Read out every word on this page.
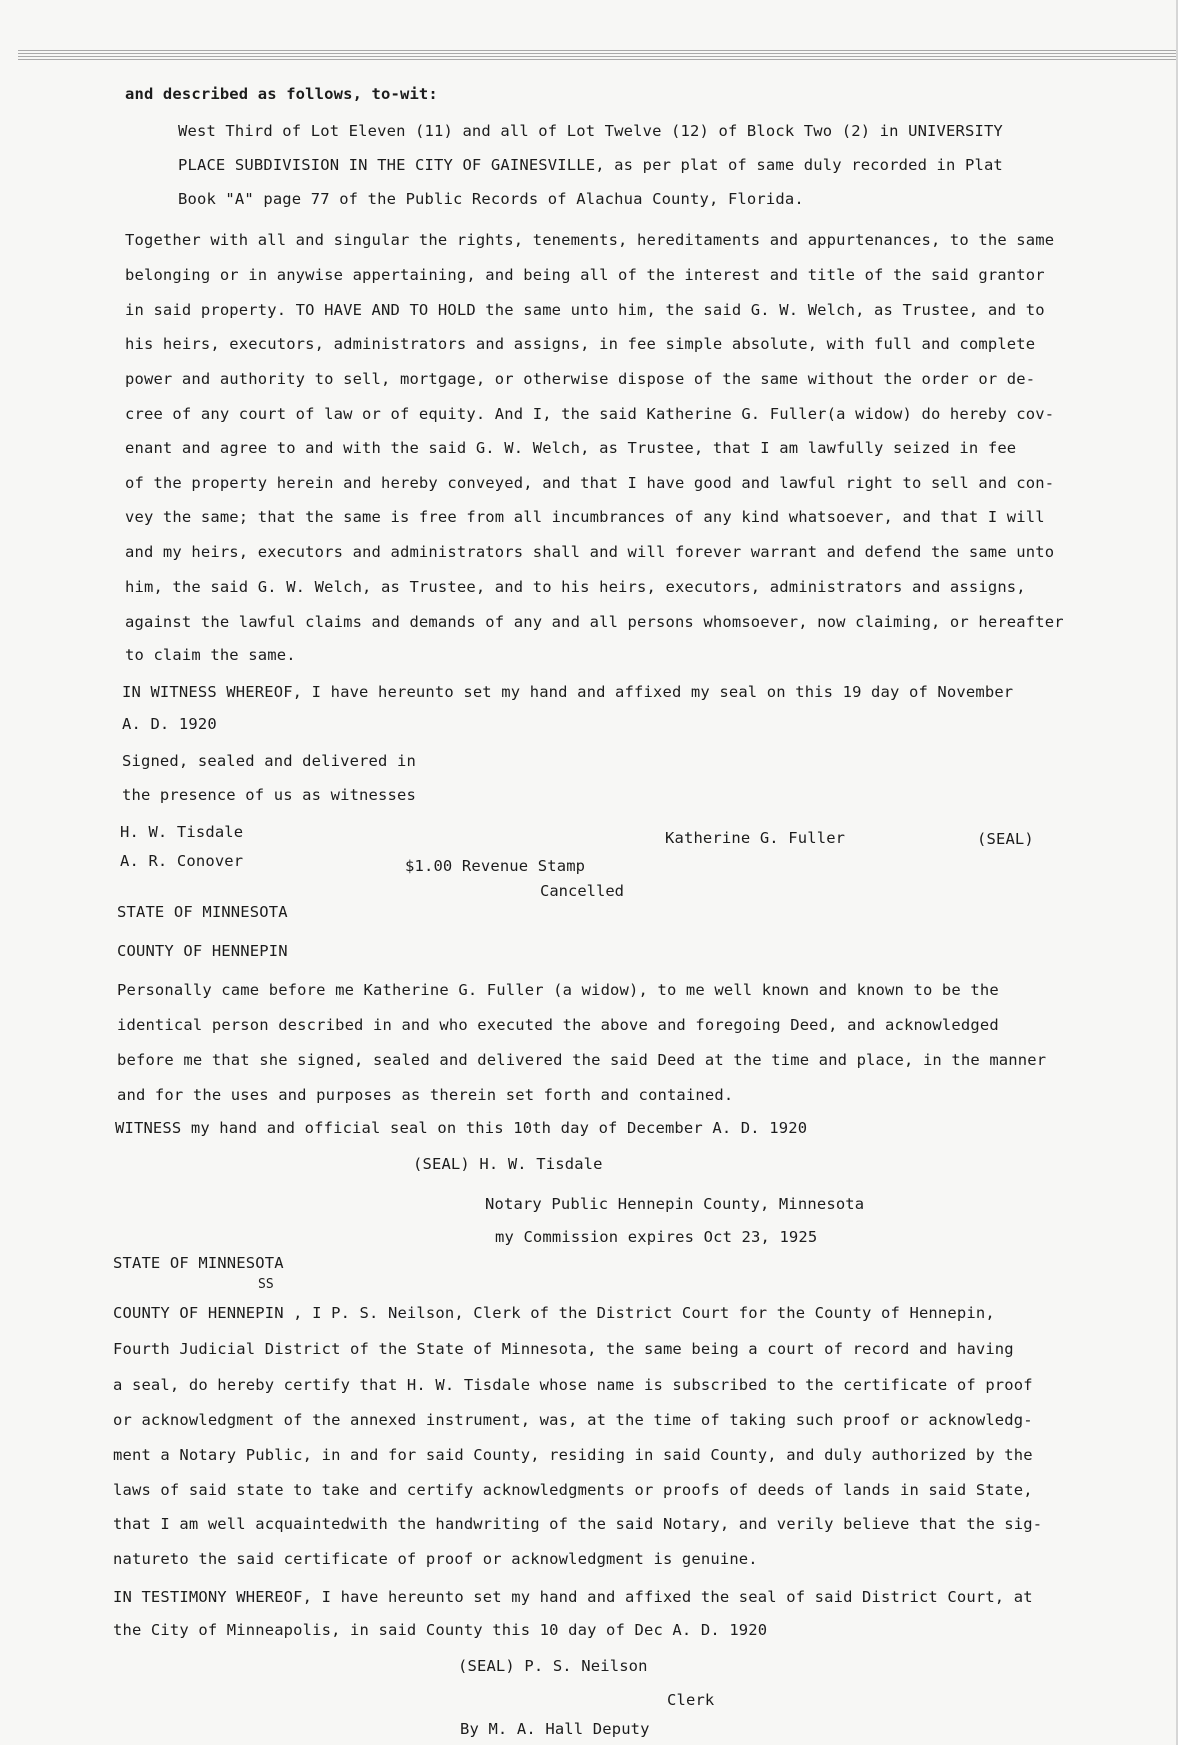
and described as follows, to-wit:

West Third of Lot Eleven (11) and all of Lot Twelve (12) of Block Two (2) in UNIVERSITY

PLACE SUBDIVISION IN THE CITY OF GAINESVILLE, as per plat of same duly recorded in Plat

Book "A" page 77 of the Public Records of Alachua County, Florida.

Together with all and singular the rights, tenements, hereditaments and appurtenances, to the same

belonging or in anywise appertaining, and being all of the interest and title of the said grantor

in said property. TO HAVE AND TO HOLD the same unto him, the said G. W. Welch, as Trustee, and to

his heirs, executors, administrators and assigns, in fee simple absolute, with full and complete

power and authority to sell, mortgage, or otherwise dispose of the same without the order or de-

cree of any court of law or of equity. And I, the said Katherine G. Fuller(a widow) do hereby cov-

enant and agree to and with the said G. W. Welch, as Trustee, that I am lawfully seized in fee

of the property herein and hereby conveyed, and that I have good and lawful right to sell and con-

vey the same; that the same is free from all incumbrances of any kind whatsoever, and that I will

and my heirs, executors and administrators shall and will forever warrant and defend the same unto

him, the said G. W. Welch, as Trustee, and to his heirs, executors, administrators and assigns,

against the lawful claims and demands of any and all persons whomsoever, now claiming, or hereafter

to claim the same.

IN WITNESS WHEREOF, I have hereunto set my hand and affixed my seal on this 19 day of November

A. D. 1920

Signed, sealed and delivered in

the presence of us as witnesses

H. W. Tisdale	Katherine G. Fuller	(SEAL)

A. R. Conover	$1.00 Revenue Stamp

Cancelled

STATE OF MINNESOTA

COUNTY OF HENNEPIN

Personally came before me Katherine G. Fuller (a widow), to me well known and known to be the

identical person described in and who executed the above and foregoing Deed, and acknowledged

before me that she signed, sealed and delivered the said Deed at the time and place, in the manner

and for the uses and purposes as therein set forth and contained.

WITNESS my hand and official seal on this 10th day of December A. D. 1920

(SEAL) H. W. Tisdale

Notary Public Hennepin County, Minnesota

my Commission expires Oct 23, 1925

STATE OF MINNESOTA

SS

COUNTY OF HENNEPIN , I P. S. Neilson, Clerk of the District Court for the County of Hennepin,

Fourth Judicial District of the State of Minnesota, the same being a court of record and having

a seal, do hereby certify that H. W. Tisdale whose name is subscribed to the certificate of proof

or acknowledgment of the annexed instrument, was, at the time of taking such proof or acknowledg-

ment a Notary Public, in and for said County, residing in said County, and duly authorized by the

laws of said state to take and certify acknowledgments or proofs of deeds of lands in said State,

that I am well acquaintedwith the handwriting of the said Notary, and verily believe that the sig-

natureto the said certificate of proof or acknowledgment is genuine.

IN TESTIMONY WHEREOF, I have hereunto set my hand and affixed the seal of said District Court, at

the City of Minneapolis, in said County this 10 day of Dec A. D. 1920

(SEAL) P. S. Neilson

Clerk

By M. A. Hall Deputy
